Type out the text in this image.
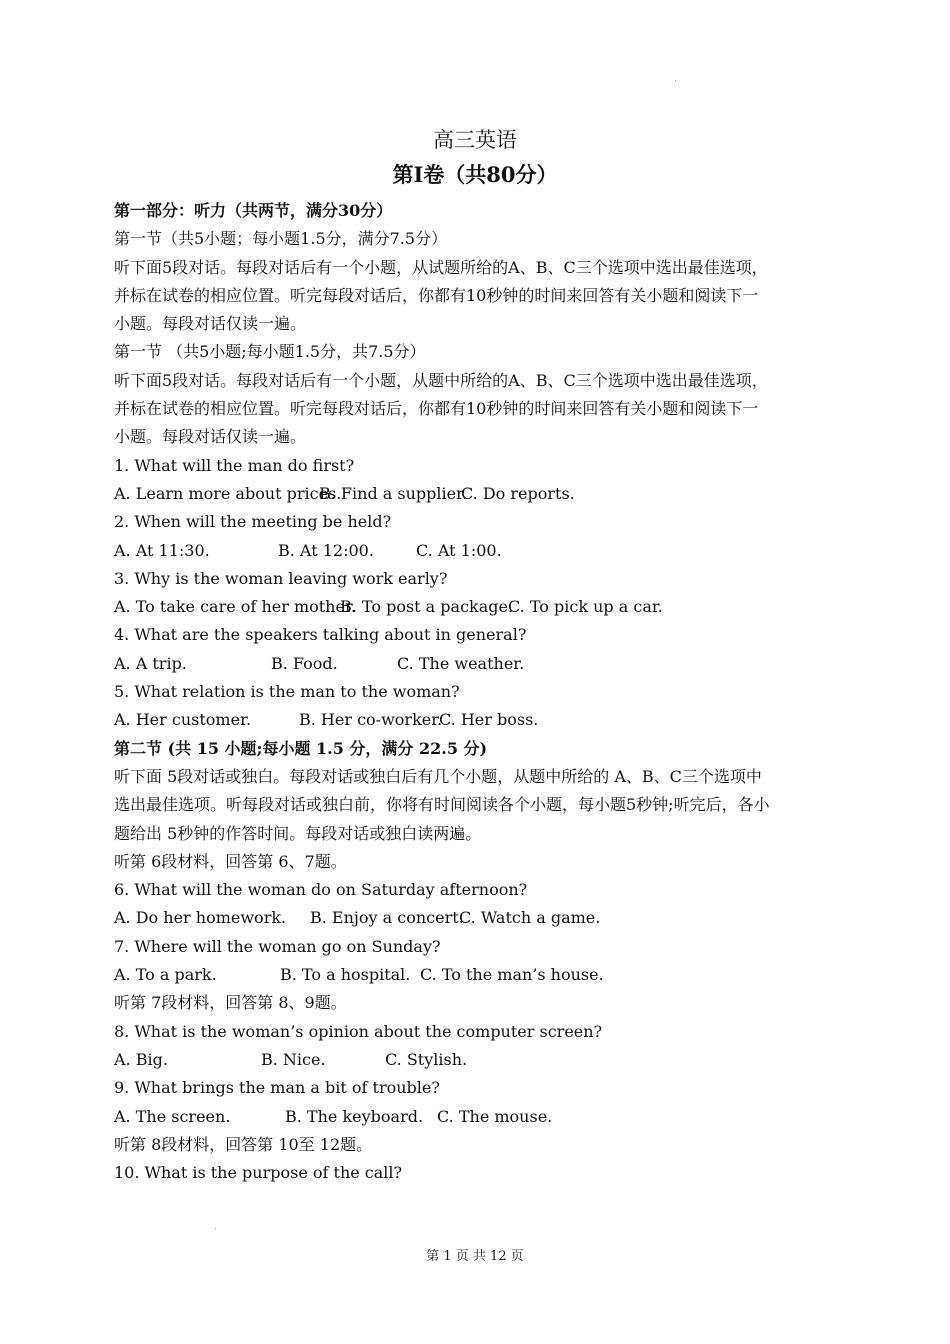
高三英语
第I卷（共80分）
第一部分：听力（共两节，满分30分）
第一节（共5小题；每小题1.5分，满分7.5分）
听下面5段对话。每段对话后有一个小题，从试题所给的A、B、C三个选项中选出最佳选项，
并标在试卷的相应位置。听完每段对话后，你都有10秒钟的时间来回答有关小题和阅读下一
小题。每段对话仅读一遍。
第一节 （共5小题;每小题1.5分，共7.5分）
听下面5段对话。每段对话后有一个小题，从题中所给的A、B、C三个选项中选出最佳选项，
并标在试卷的相应位置。听完每段对话后，你都有10秒钟的时间来回答有关小题和阅读下一
小题。每段对话仅读一遍。
1. What will the man do first?
A. Learn more about prices.
B. Find a supplier.
C. Do reports.
2. When will the meeting be held?
A. At 11:30.	B. At 12:00.	C. At 1:00.
3. Why is the woman leaving work early?
A. To take care of her mother.
B. To post a package.
C. To pick up a car.
4. What are the speakers talking about in general?
A. A trip.	B. Food.	C. The weather.
5. What relation is the man to the woman?
A. Her customer.	B. Her co-worker.
C. Her boss.
第二节 (共 15 小题;每小题 1.5 分，满分 22.5 分)
听下面 5段对话或独白。每段对话或独白后有几个小题，从题中所给的 A、B、C三个选项中
选出最佳选项。听每段对话或独白前，你将有时间阅读各个小题，每小题5秒钟;听完后，各小
题给出 5秒钟的作答时间。每段对话或独白读两遍。
听第 6段材料，回答第 6、7题。
6. What will the woman do on Saturday afternoon?
A. Do her homework.	B. Enjoy a concert.
C. Watch a game.
7. Where will the woman go on Sunday?
A. To a park.	B. To a hospital. C. To the man’s house.
听第 7段材料，回答第 8、9题。
8. What is the woman’s opinion about the computer screen?
A. Big.	B. Nice.	C. Stylish.
9. What brings the man a bit of trouble?
A. The screen.	B. The keyboard. C. The mouse.
听第 8段材料，回答第 10至 12题。
10. What is the purpose of the call?
第 1 页 共 12 页
